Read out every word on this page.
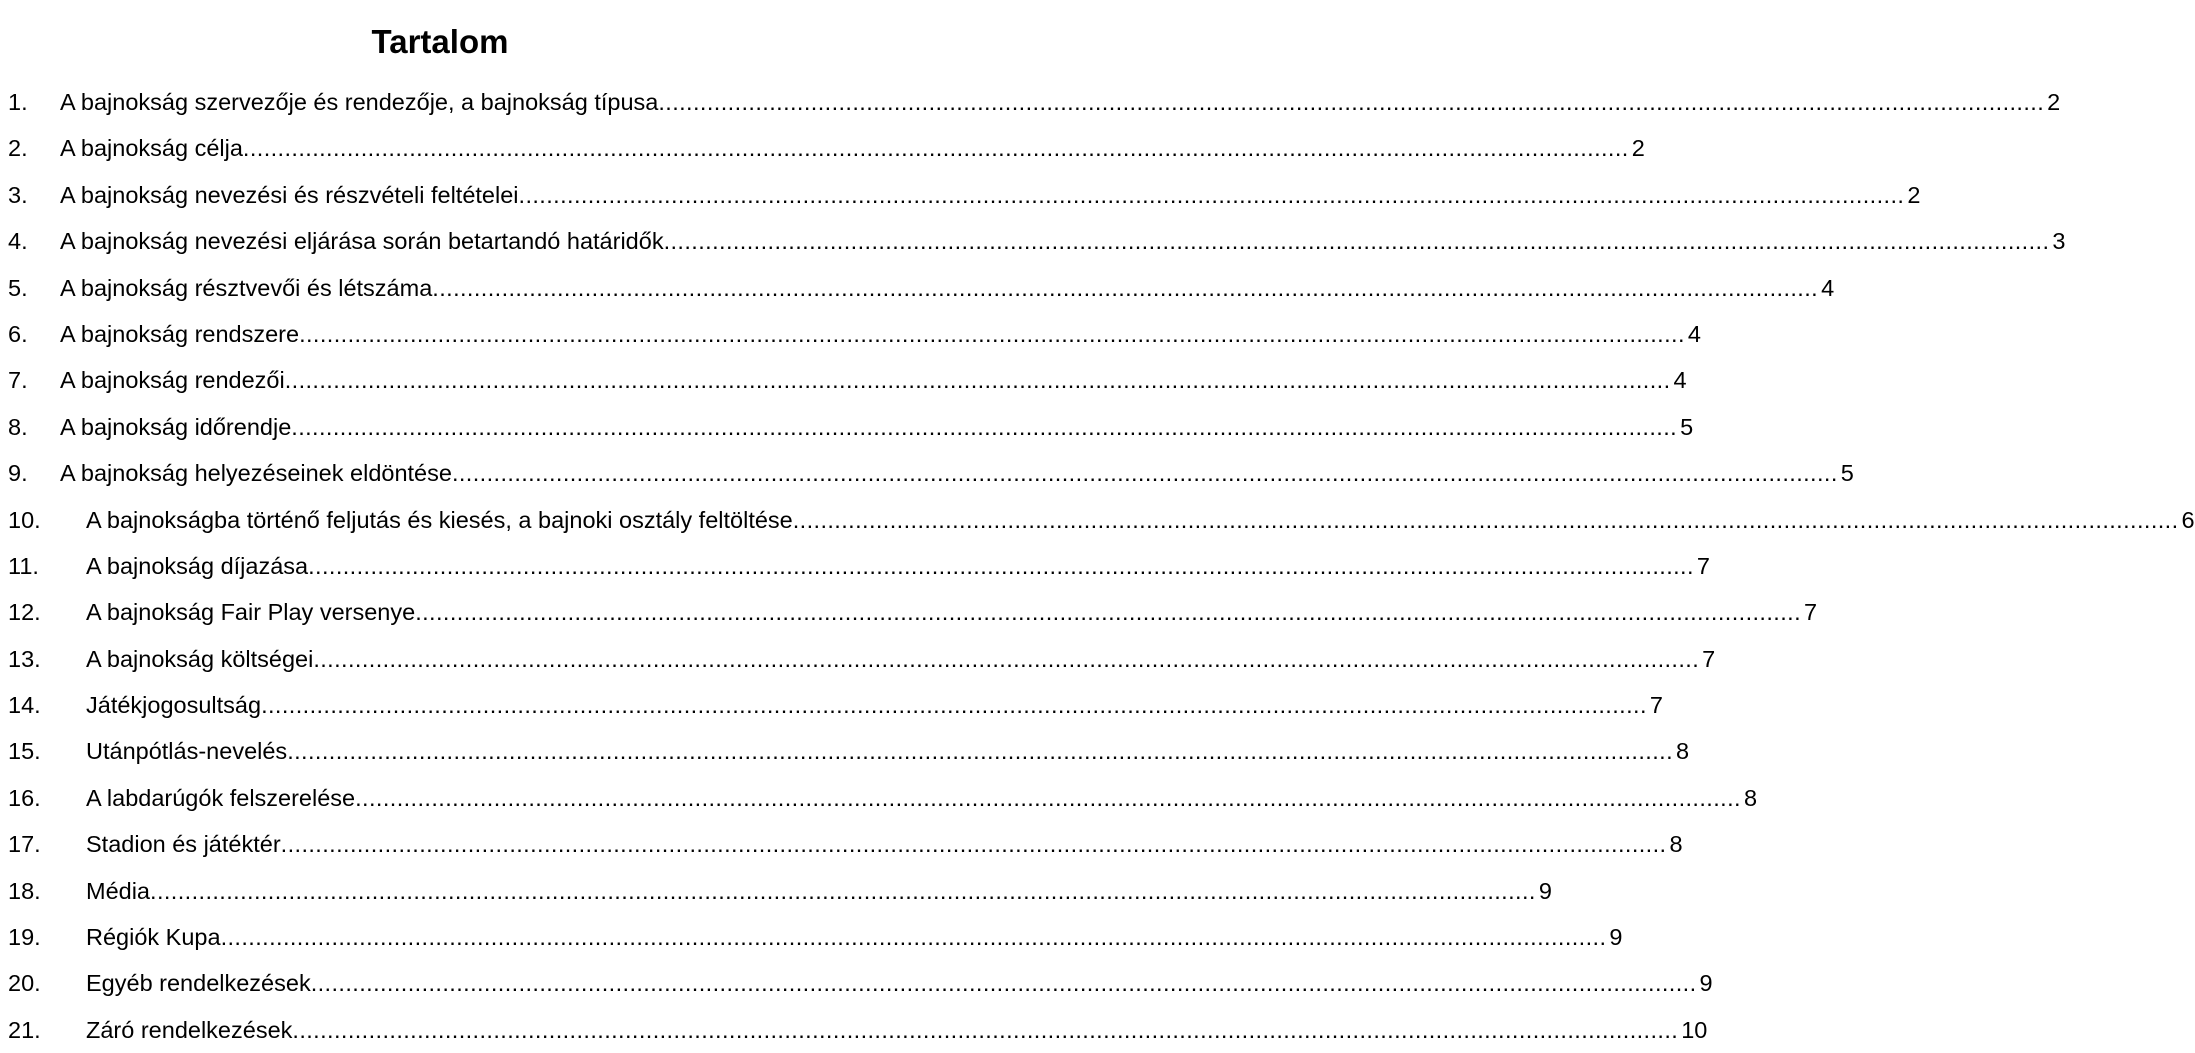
Tartalom
1. A bajnokság szervezője és rendezője, a bajnokság típusa .....	2
2. A bajnokság célja .....	2
3. A bajnokság nevezési és részvételi feltételei .....	2
4. A bajnokság nevezési eljárása során betartandó határidők .....	3
5. A bajnokság résztvevői és létszáma .....	4
6. A bajnokság rendszere .....	4
7. A bajnokság rendezői .....	4
8. A bajnokság időrendje .....	5
9. A bajnokság helyezéseinek eldöntése .....	5
10. A bajnokságba történő feljutás és kiesés, a bajnoki osztály feltöltése .....	6
11. A bajnokság díjazása .....	7
12. A bajnokság Fair Play versenye .....	7
13. A bajnokság költségei .....	7
14. Játékjogosultság .....	7
15. Utánpótlás-nevelés .....	8
16. A labdarúgók felszerelése .....	8
17. Stadion és játéktér .....	8
18. Média .....	9
19. Régiók Kupa .....	9
20. Egyéb rendelkezések .....	9
21. Záró rendelkezések .....	10
